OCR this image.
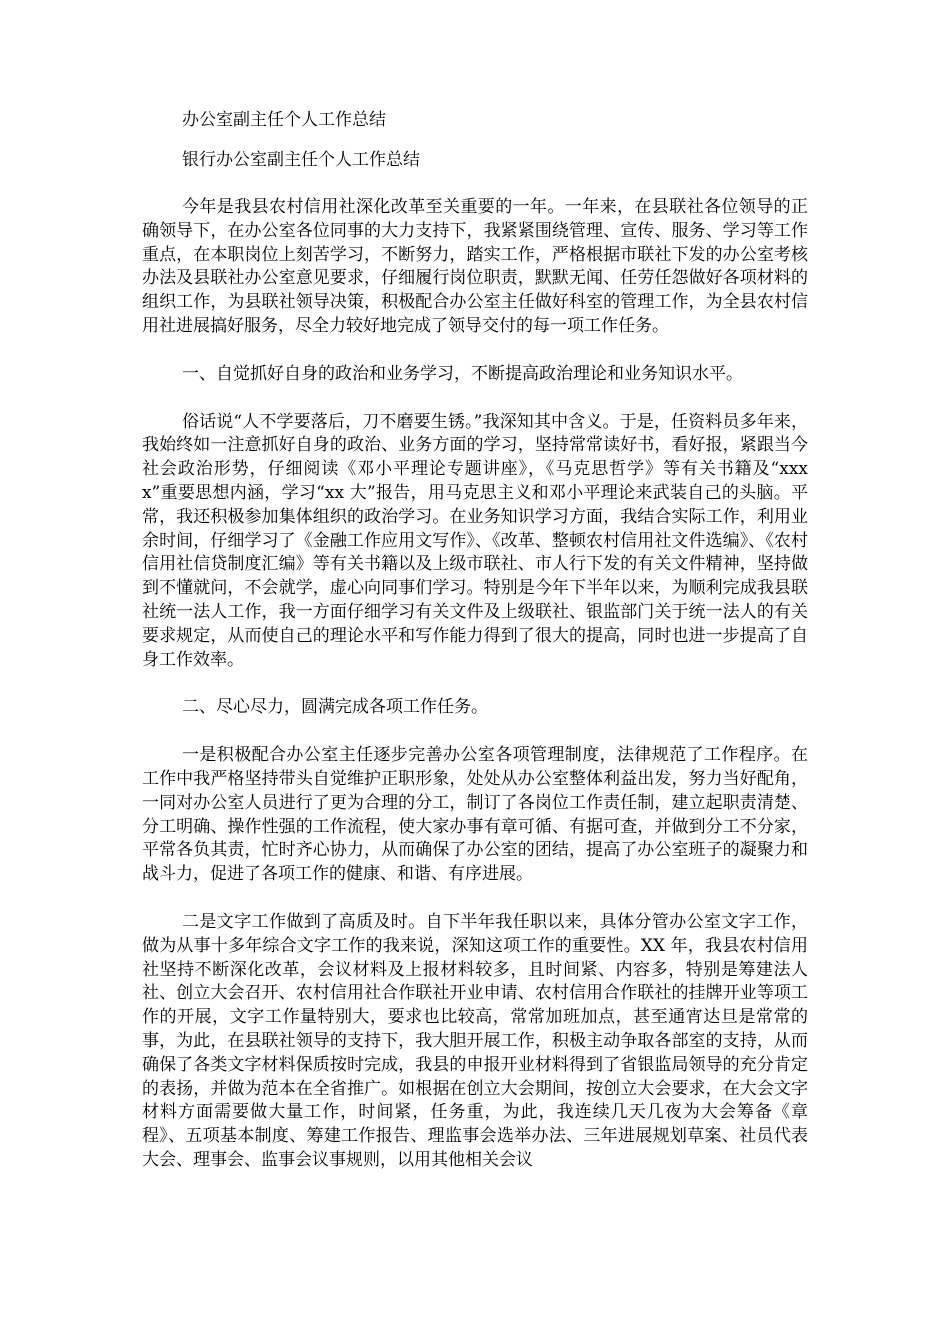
办公室副主任个人工作总结

银行办公室副主任个人工作总结

今年是我县农村信用社深化改革至关重要的一年。一年来，在县联社各位领导的正确领导下，在办公室各位同事的大力支持下，我紧紧围绕管理、宣传、服务、学习等工作重点，在本职岗位上刻苦学习，不断努力，踏实工作，严格根据市联社下发的办公室考核办法及县联社办公室意见要求，仔细履行岗位职责，默默无闻、任劳任怨做好各项材料的组织工作，为县联社领导决策，积极配合办公室主任做好科室的管理工作，为全县农村信用社进展搞好服务，尽全力较好地完成了领导交付的每一项工作任务。

一、自觉抓好自身的政治和业务学习，不断提高政治理论和业务知识水平。

俗话说“人不学要落后，刀不磨要生锈。”我深知其中含义。于是，任资料员多年来，我始终如一注意抓好自身的政治、业务方面的学习，坚持常常读好书，看好报，紧跟当今社会政治形势，仔细阅读《邓小平理论专题讲座》，《马克思哲学》等有关书籍及“xxxx”重要思想内涵，学习“xx 大”报告，用马克思主义和邓小平理论来武装自己的头脑。平常，我还积极参加集体组织的政治学习。在业务知识学习方面，我结合实际工作，利用业余时间，仔细学习了《金融工作应用文写作》、《改革、整顿农村信用社文件选编》、《农村信用社信贷制度汇编》等有关书籍以及上级市联社、市人行下发的有关文件精神，坚持做到不懂就问，不会就学，虚心向同事们学习。特别是今年下半年以来，为顺利完成我县联社统一法人工作，我一方面仔细学习有关文件及上级联社、银监部门关于统一法人的有关要求规定，从而使自己的理论水平和写作能力得到了很大的提高，同时也进一步提高了自身工作效率。

二、尽心尽力，圆满完成各项工作任务。

一是积极配合办公室主任逐步完善办公室各项管理制度，法律规范了工作程序。在工作中我严格坚持带头自觉维护正职形象，处处从办公室整体利益出发，努力当好配角，一同对办公室人员进行了更为合理的分工，制订了各岗位工作责任制，建立起职责清楚、分工明确、操作性强的工作流程，使大家办事有章可循、有据可查，并做到分工不分家，平常各负其责，忙时齐心协力，从而确保了办公室的团结，提高了办公室班子的凝聚力和战斗力，促进了各项工作的健康、和谐、有序进展。

二是文字工作做到了高质及时。自下半年我任职以来，具体分管办公室文字工作，做为从事十多年综合文字工作的我来说，深知这项工作的重要性。XX 年，我县农村信用社坚持不断深化改革，会议材料及上报材料较多，且时间紧、内容多，特别是筹建法人社、创立大会召开、农村信用社合作联社开业申请、农村信用合作联社的挂牌开业等项工作的开展，文字工作量特别大，要求也比较高，常常加班加点，甚至通宵达旦是常常的事，为此，在县联社领导的支持下，我大胆开展工作，积极主动争取各部室的支持，从而确保了各类文字材料保质按时完成，我县的申报开业材料得到了省银监局领导的充分肯定的表扬，并做为范本在全省推广。如根据在创立大会期间，按创立大会要求，在大会文字材料方面需要做大量工作，时间紧，任务重，为此，我连续几天几夜为大会筹备《章程》、五项基本制度、筹建工作报告、理监事会选举办法、三年进展规划草案、社员代表大会、理事会、监事会议事规则，以用其他相关会议
